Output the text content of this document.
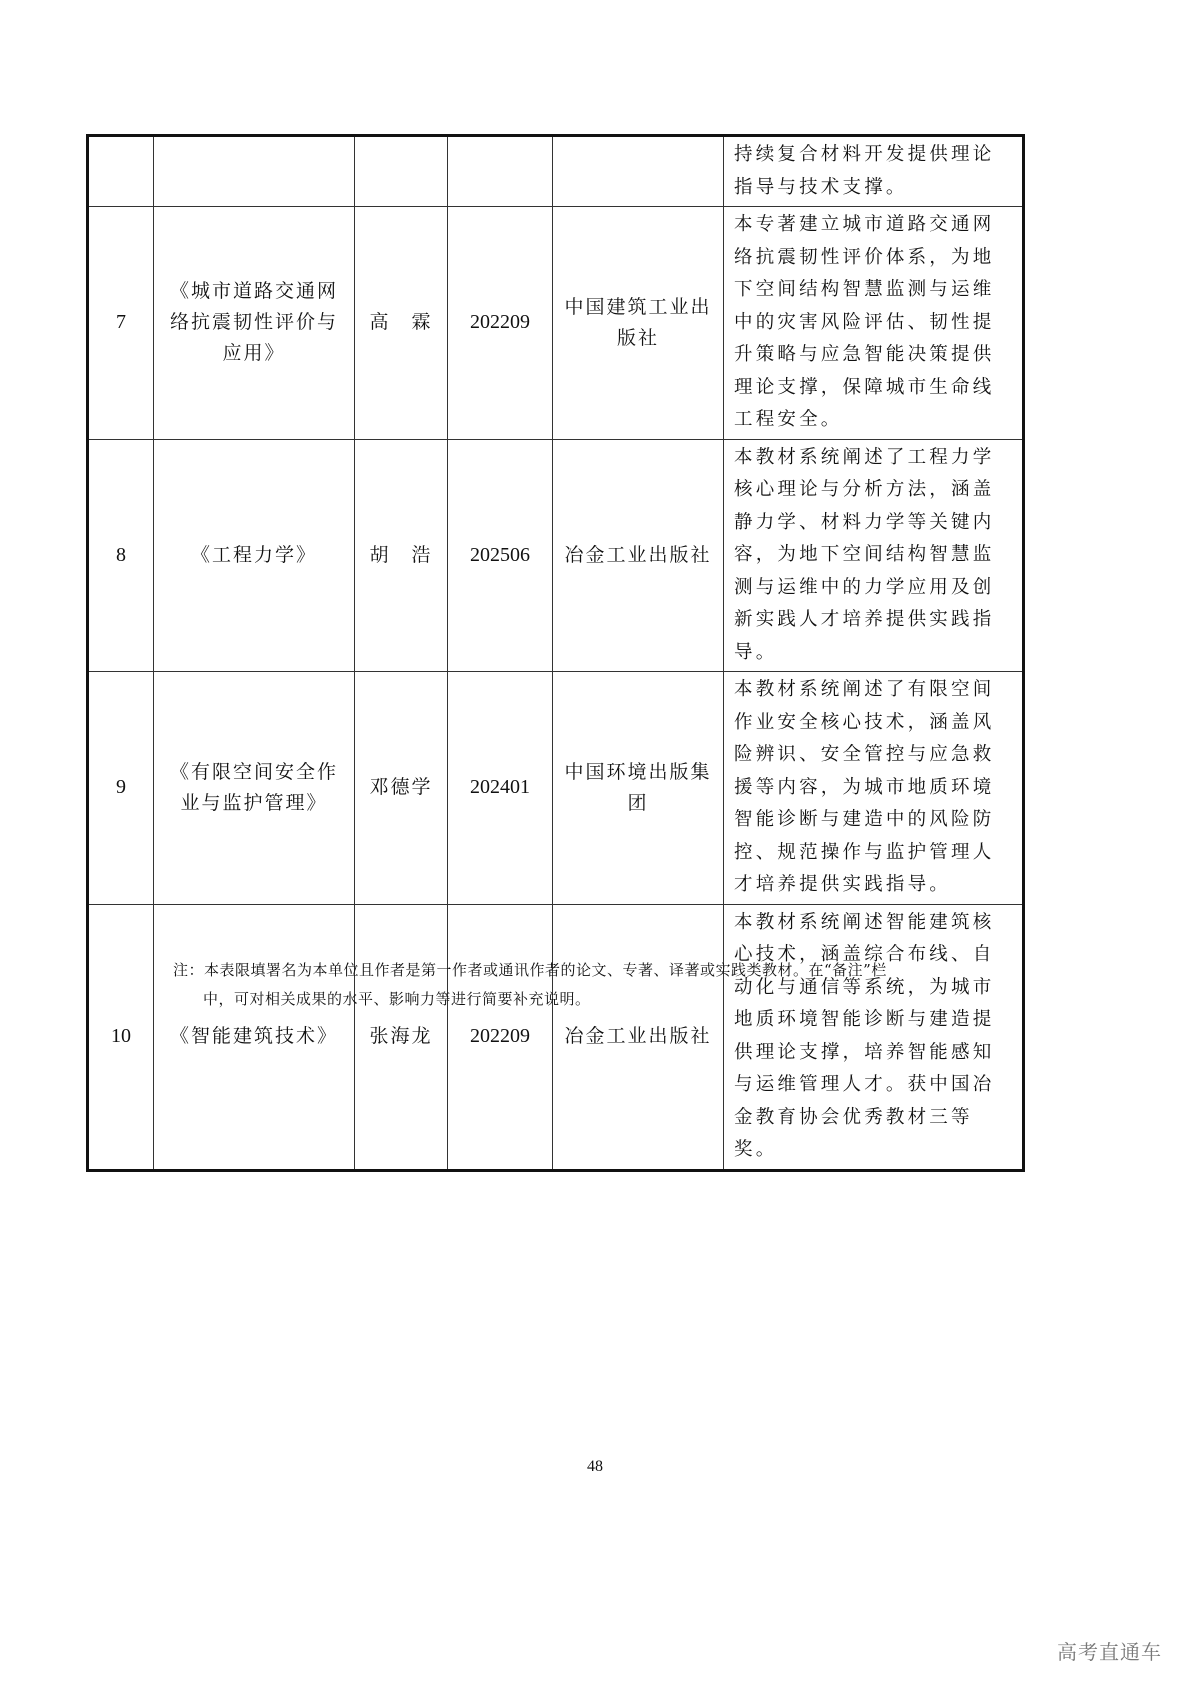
					持续复合材料开发提供理论指导与技术支撑。
7	《城市道路交通网络抗震韧性评价与应用》	高　霖	202209	中国建筑工业出版社	本专著建立城市道路交通网络抗震韧性评价体系，为地下空间结构智慧监测与运维中的灾害风险评估、韧性提升策略与应急智能决策提供理论支撑，保障城市生命线工程安全。
8	《工程力学》	胡　浩	202506	冶金工业出版社	本教材系统阐述了工程力学核心理论与分析方法，涵盖静力学、材料力学等关键内容，为地下空间结构智慧监测与运维中的力学应用及创新实践人才培养提供实践指导。
9	《有限空间安全作业与监护管理》	邓德学	202401	中国环境出版集团	本教材系统阐述了有限空间作业安全核心技术，涵盖风险辨识、安全管控与应急救援等内容，为城市地质环境智能诊断与建造中的风险防控、规范操作与监护管理人才培养提供实践指导。
10	《智能建筑技术》	张海龙	202209	冶金工业出版社	本教材系统阐述智能建筑核心技术，涵盖综合布线、自动化与通信等系统，为城市地质环境智能诊断与建造提供理论支撑，培养智能感知与运维管理人才。获中国冶金教育协会优秀教材三等奖。
注：本表限填署名为本单位且作者是第一作者或通讯作者的论文、专著、译著或实践类教材。在“备注”栏
中，可对相关成果的水平、影响力等进行简要补充说明。
48
高考直通车
